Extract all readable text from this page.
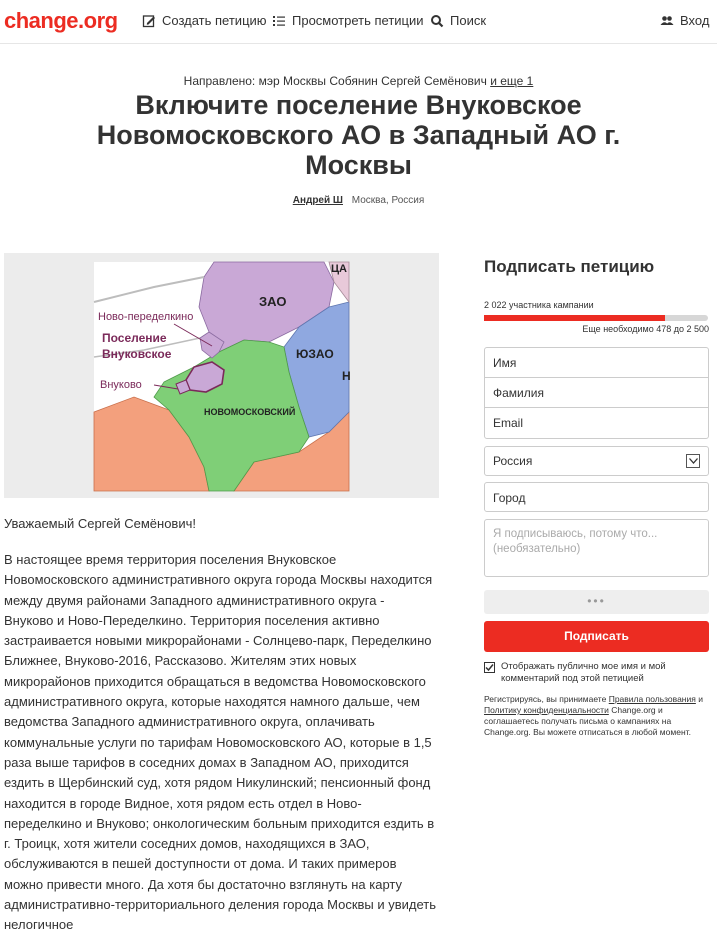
change.org	Создать петицию Просмотреть петиции Поиск	Вход
Направлено: мэр Москвы Собянин Сергей Семёнович и еще 1
Включите поселение Внуковское Новомосковского АО в Западный АО г. Москвы
Андрей Ш Москва, Россия
ЗАО
ЮЗАО
ЦА
Н
Ново-переделкино
Поселение
Внуковское
Внуково
НОВОМОСКОВСКИЙ
Уважаемый Сергей Семёнович!

В настоящее время территория поселения Внуковское Новомосковского административного округа города Москвы находится между двумя районами Западного административного округа - Внуково и Ново-Переделкино. Территория поселения активно застраивается новыми микрорайонами - Солнцево-парк, Переделкино Ближнее, Внуково-2016, Рассказово. Жителям этих новых микрорайонов приходится обращаться в ведомства Новомосковского административного округа, которые находятся намного дальше, чем ведомства Западного административного округа, оплачивать коммунальные услуги по тарифам Новомосковского АО, которые в 1,5 раза выше тарифов в соседних домах в Западном АО, приходится ездить в Щербинский суд, хотя рядом Никулинский; пенсионный фонд находится в городе Видное, хотя рядом есть отдел в Ново-переделкино и Внуково; онкологическим больным приходится ездить в г. Троицк, хотя жители соседних домов, находящихся в ЗАО, обслуживаются в пешей доступности от дома. И таких примеров можно привести много. Да хотя бы достаточно взглянуть на карту административно-территориального деления города Москвы и увидеть нелогичное

Подписать петицию
2 022 участника кампании
Еще необходимо 478 до 2 500
Имя
Фамилия
Email
Россия
Город
Я подписываюсь, потому что... (необязательно)
•••
Подписать
Отображать публично мое имя и мой комментарий под этой петицией
Регистрируясь, вы принимаете Правила пользования и Политику конфиденциальности Change.org и соглашаетесь получать письма о кампаниях на Change.org. Вы можете отписаться в любой момент.
